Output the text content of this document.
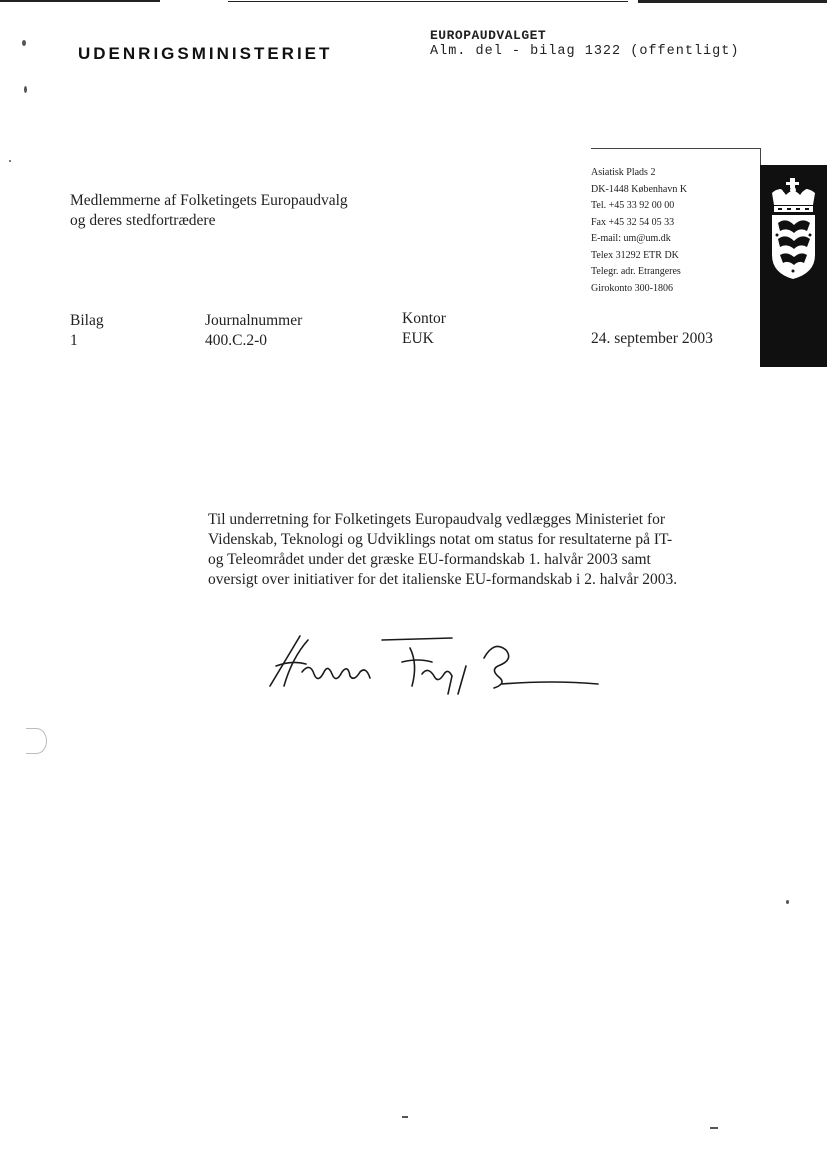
UDENRIGSMINISTERIET
EUROPAUDVALGET
Alm. del - bilag 1322 (offentligt)
Medlemmerne af Folketingets Europaudvalg
og deres stedfortrædere
Asiatisk Plads 2
DK-1448 København K
Tel. +45 33 92 00 00
Fax +45 32 54 05 33
E-mail: um@um.dk
Telex 31292 ETR DK
Telegr. adr. Etrangeres
Girokonto 300-1806
Bilag
1
Journalnummer
400.C.2-0
Kontor
EUK	24. september 2003

Til underretning for Folketingets Europaudvalg vedlægges Ministeriet for

Videnskab, Teknologi og Udviklings notat om status for resultaterne på IT-

og Teleområdet under det græske EU-formandskab 1. halvår 2003 samt

oversigt over initiativer for det italienske EU-formandskab i 2. halvår 2003.
